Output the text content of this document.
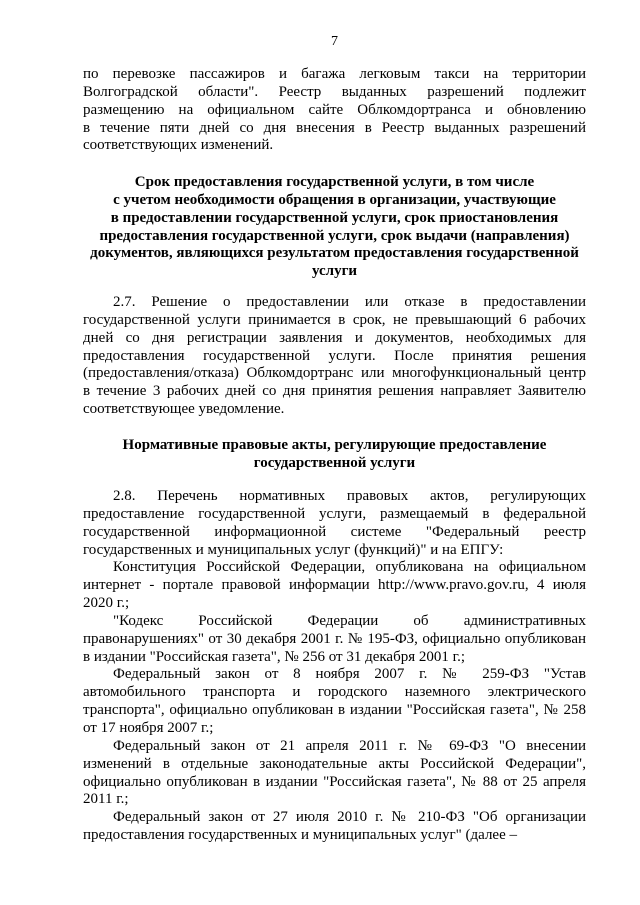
7
по перевозке пассажиров и багажа легковым такси на территории
Волгоградской области". Реестр выданных разрешений подлежит
размещению на официальном сайте Облкомдортранса и обновлению
в течение пяти дней со дня внесения в Реестр выданных разрешений
соответствующих изменений.
Срок предоставления государственной услуги, в том числе
с учетом необходимости обращения в организации, участвующие
в предоставлении государственной услуги, срок приостановления
предоставления государственной услуги, срок выдачи (направления)
документов, являющихся результатом предоставления государственной
услуги
2.7. Решение о предоставлении или отказе в предоставлении
государственной услуги принимается в срок, не превышающий 6 рабочих
дней со дня регистрации заявления и документов, необходимых для
предоставления государственной услуги. После принятия решения
(предоставления/отказа) Облкомдортранс или многофункциональный центр
в течение 3 рабочих дней со дня принятия решения направляет Заявителю
соответствующее уведомление.
Нормативные правовые акты, регулирующие предоставление
государственной услуги
2.8. Перечень нормативных правовых актов, регулирующих
предоставление государственной услуги, размещаемый в федеральной
государственной информационной системе "Федеральный реестр
государственных и муниципальных услуг (функций)" и на ЕПГУ:
Конституция Российской Федерации, опубликована на официальном
интернет - портале правовой информации http://www.pravo.gov.ru, 4 июля
2020 г.;
"Кодекс Российской Федерации об административных
правонарушениях" от 30 декабря 2001 г. № 195-ФЗ, официально опубликован
в издании "Российская газета", № 256 от 31 декабря 2001 г.;
Федеральный закон от 8 ноября 2007 г. № 259-ФЗ "Устав
автомобильного транспорта и городского наземного электрического
транспорта", официально опубликован в издании "Российская газета", № 258
от 17 ноября 2007 г.;
Федеральный закон от 21 апреля 2011 г. № 69-ФЗ "О внесении
изменений в отдельные законодательные акты Российской Федерации",
официально опубликован в издании "Российская газета", № 88 от 25 апреля
2011 г.;
Федеральный закон от 27 июля 2010 г. № 210-ФЗ "Об организации
предоставления государственных и муниципальных услуг" (далее –
